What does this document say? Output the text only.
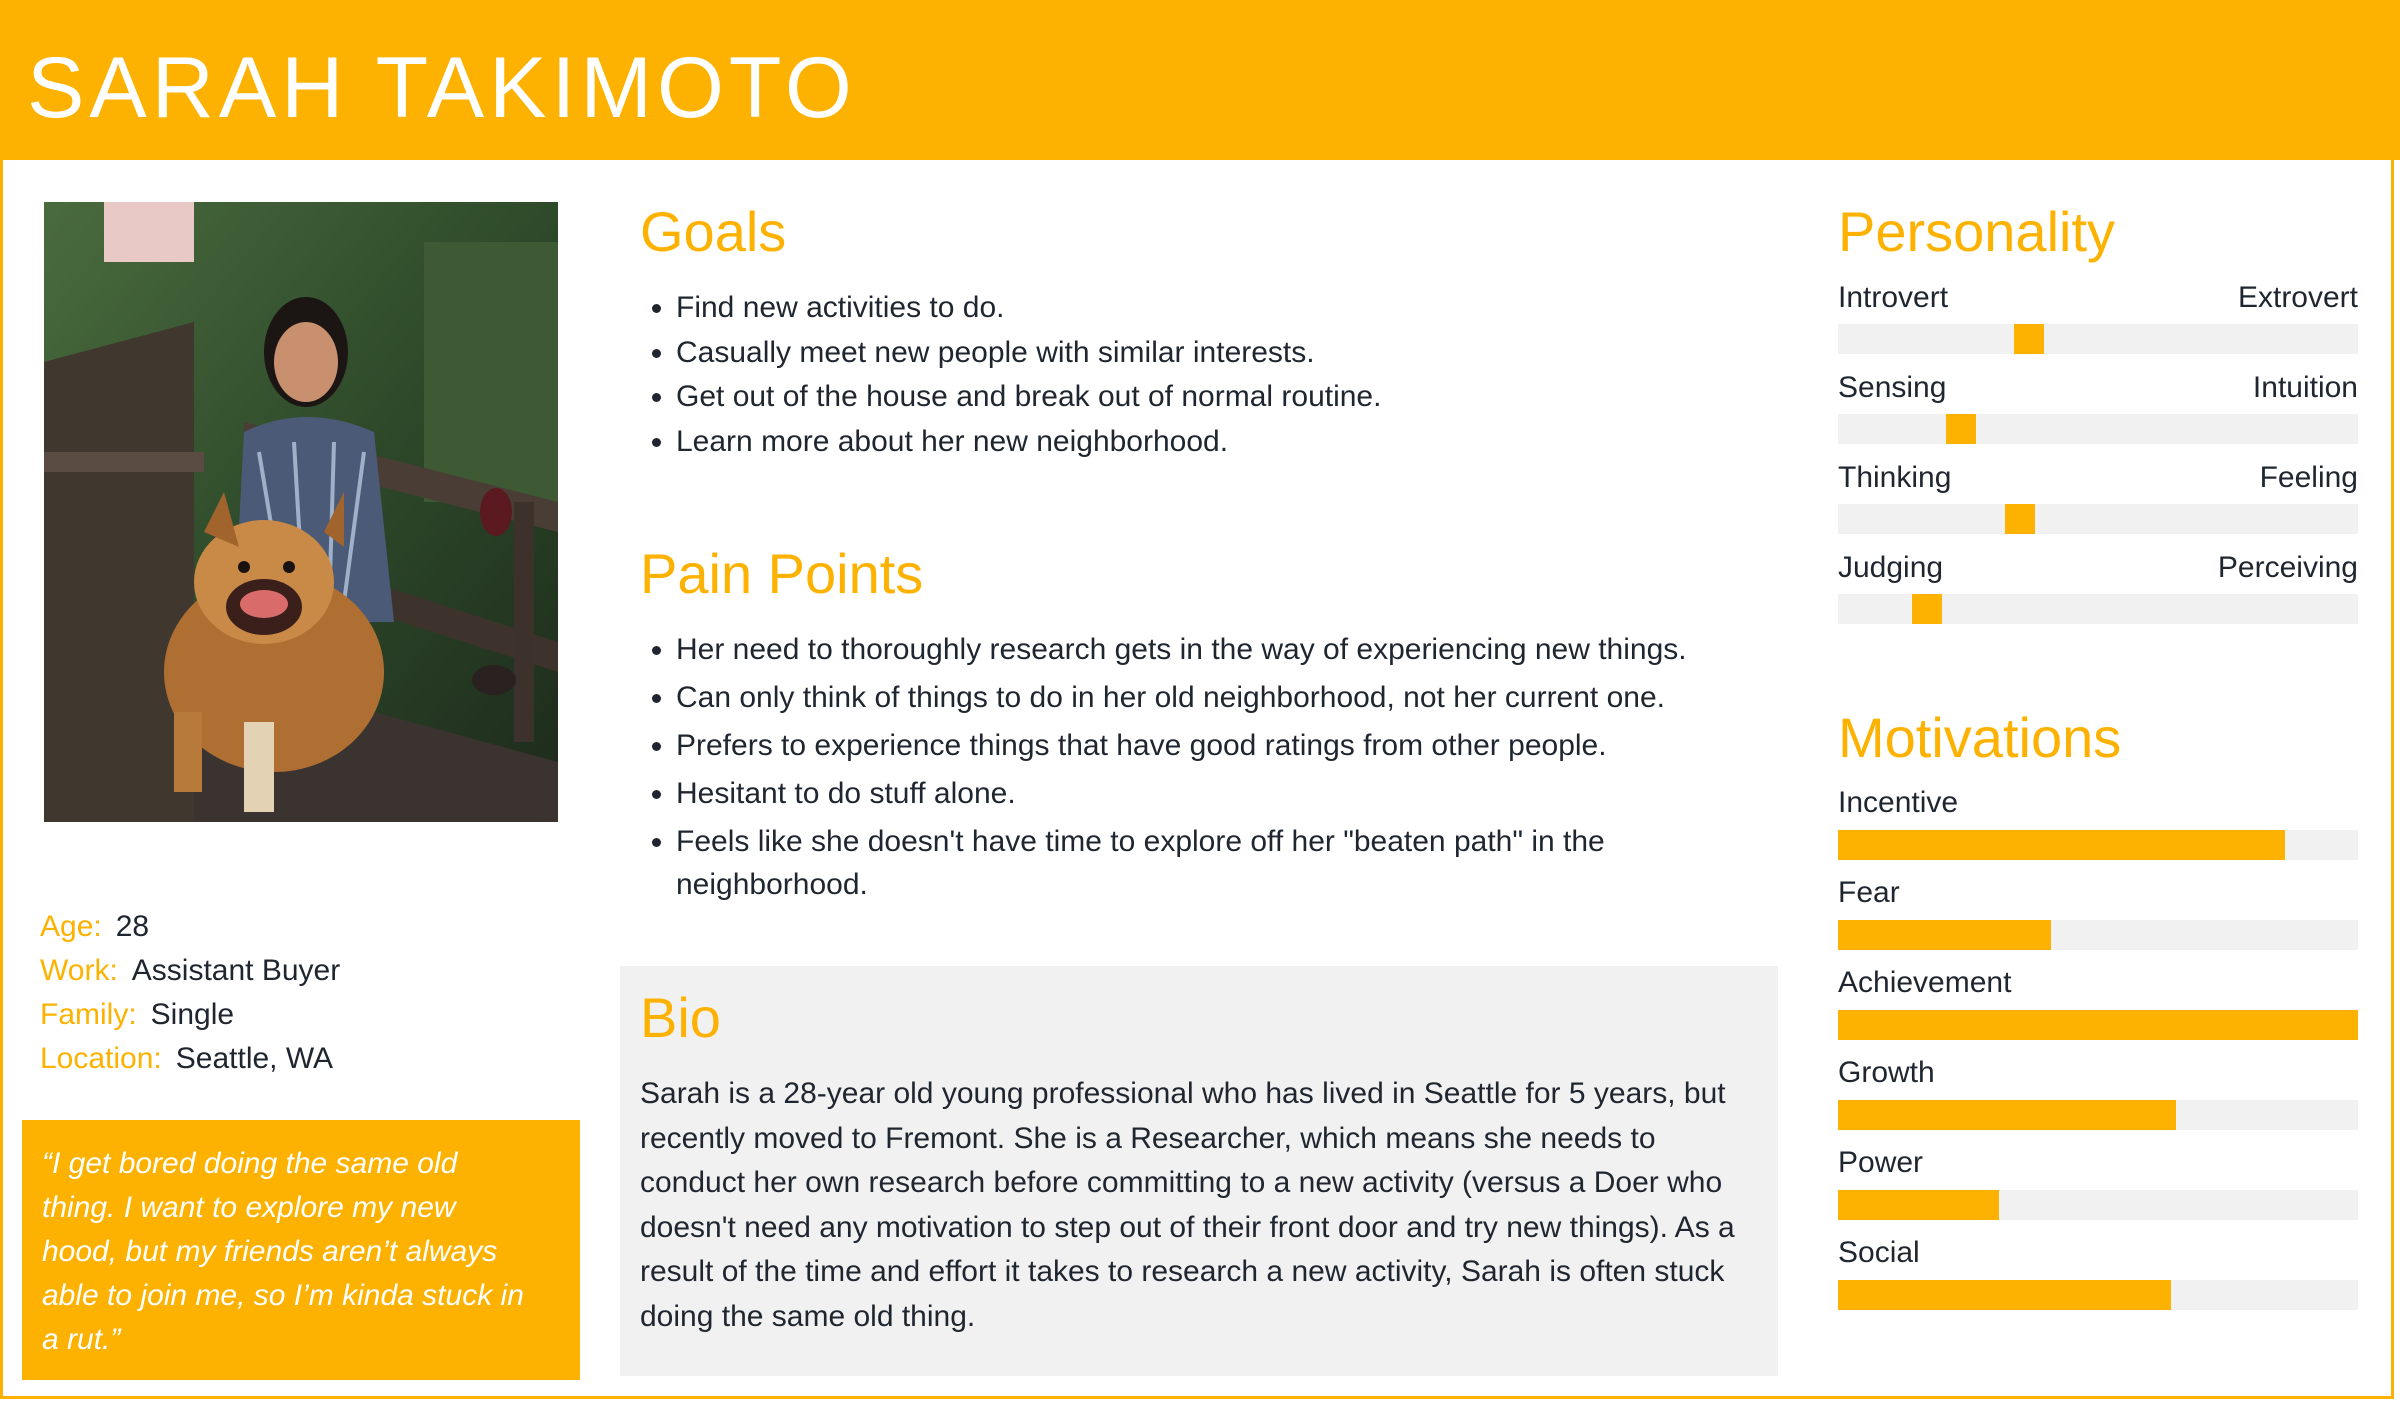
SARAH TAKIMOTO
Age: 28
Work: Assistant Buyer
Family: Single
Location: Seattle, WA

“I get bored doing the same old
thing. I want to explore my new
hood, but my friends aren’t always
able to join me, so I’m kinda stuck in
a rut.”

Goals
• Find new activities to do.
• Casually meet new people with similar interests.
• Get out of the house and break out of normal routine.
• Learn more about her new neighborhood.
Pain Points
• Her need to thoroughly research gets in the way of experiencing new things.
• Can only think of things to do in her old neighborhood, not her current one.
• Prefers to experience things that have good ratings from other people.
• Hesitant to do stuff alone.
• Feels like she doesn't have time to explore off her "beaten path" in the neighborhood.
Bio

Sarah is a 28-year old young professional who has lived in Seattle for 5 years, but recently moved to Fremont. She is a Researcher, which means she needs to conduct her own research before committing to a new activity (versus a Doer who doesn't need any motivation to step out of their front door and try new things). As a result of the time and effort it takes to research a new activity, Sarah is often stuck doing the same old thing.

Personality
Introvert	Extrovert
Sensing	Intuition
Thinking	Feeling
Judging	Perceiving
Motivations
Incentive
Fear
Achievement
Growth
Power
Social
